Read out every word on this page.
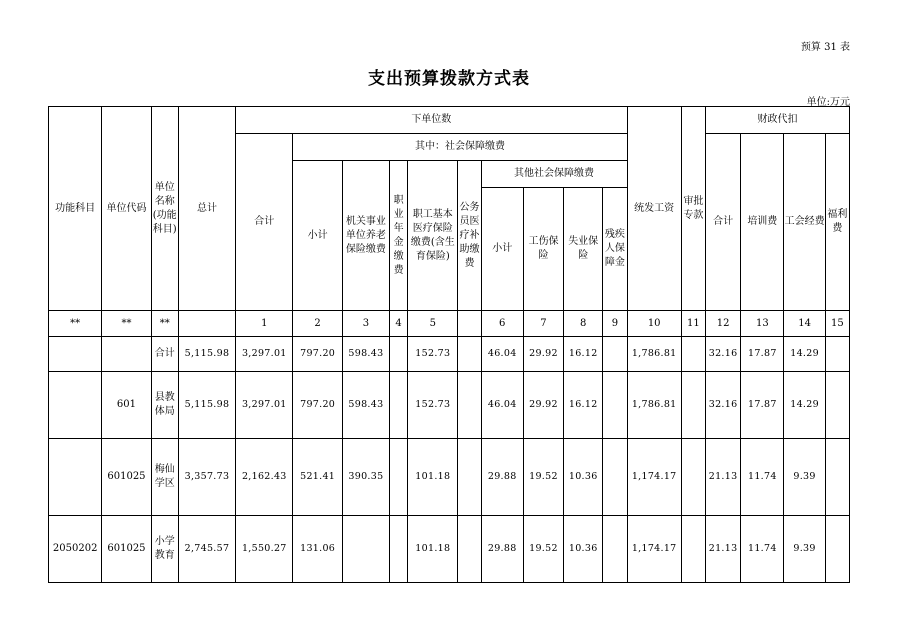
预算 31 表
支出预算拨款方式表
单位:万元
功能科目	单位代码	单位名称(功能科目)	总计	下单位数										统发工资	审批专款	财政代扣			
				合计	其中：社会保障缴费											合计	培训费	工会经费	福利费
					小计	机关事业单位养老保险缴费	职业年金缴费	职工基本医疗保险缴费(含生育保险)	公务员医疗补助缴费	其他社会保障缴费									
										小计	工伤保险	失业保险	残疾人保障金						
**	**	**		1	2	3	4	5		6	7	8	9	10	11	12	13	14	15
		合计	5,115.98	3,297.01	797.20	598.43		152.73		46.04	29.92	16.12		1,786.81		32.16	17.87	14.29	
	601	县教体局	5,115.98	3,297.01	797.20	598.43		152.73		46.04	29.92	16.12		1,786.81		32.16	17.87	14.29	
	601025	梅仙学区	3,357.73	2,162.43	521.41	390.35		101.18		29.88	19.52	10.36		1,174.17		21.13	11.74	9.39	
2050202	601025	小学教育	2,745.57	1,550.27	131.06			101.18		29.88	19.52	10.36		1,174.17		21.13	11.74	9.39	
